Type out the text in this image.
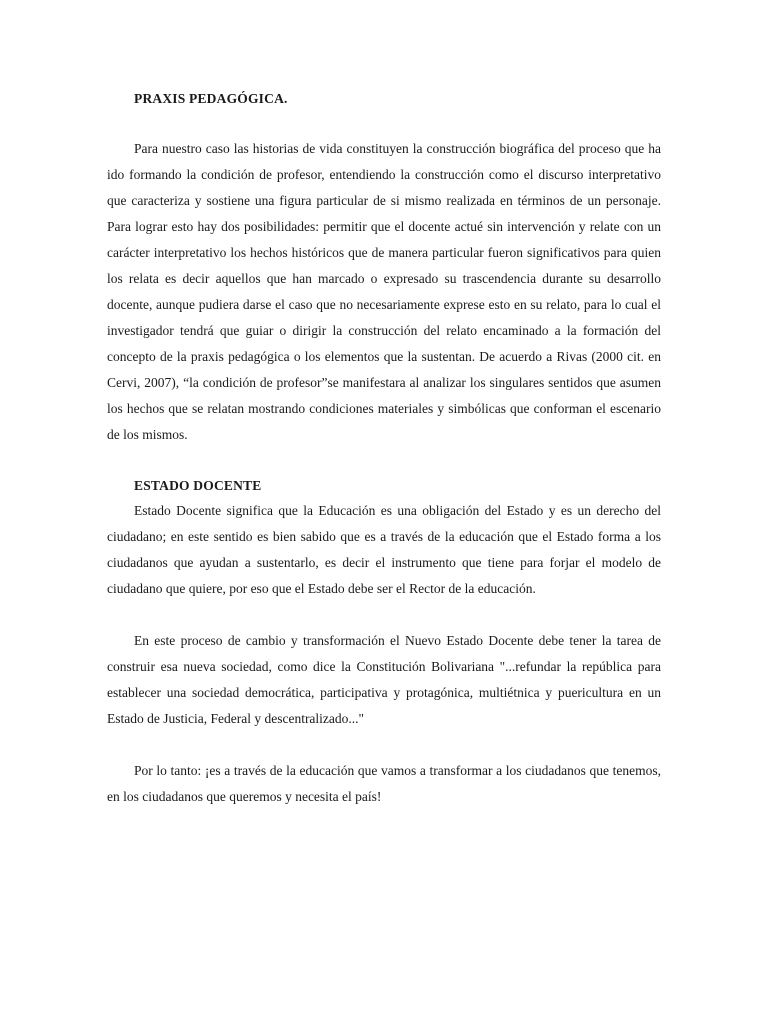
PRAXIS PEDAGÓGICA.

Para nuestro caso las historias de vida constituyen la construcción biográfica del proceso que ha ido formando la condición de profesor, entendiendo la construcción como el discurso interpretativo que caracteriza y sostiene una figura particular de si mismo realizada en términos de un personaje. Para lograr esto hay dos posibilidades: permitir que el docente actué sin intervención y relate con un carácter interpretativo los hechos históricos que de manera particular fueron significativos para quien los relata es decir aquellos que han marcado o expresado su trascendencia durante su desarrollo docente, aunque pudiera darse el caso que no necesariamente exprese esto en su relato, para lo cual el investigador tendrá que guiar o dirigir la construcción del relato encaminado a la formación del concepto de la praxis pedagógica o los elementos que la sustentan. De acuerdo a Rivas (2000 cit. en Cervi, 2007), “la condición de profesor”se manifestara al analizar los singulares sentidos que asumen los hechos que se relatan mostrando condiciones materiales y simbólicas que conforman el escenario de los mismos.

ESTADO DOCENTE

Estado Docente significa que la Educación es una obligación del Estado y es un derecho del ciudadano; en este sentido es bien sabido que es a través de la educación que el Estado forma a los ciudadanos que ayudan a sustentarlo, es decir el instrumento que tiene para forjar el modelo de ciudadano que quiere, por eso que el Estado debe ser el Rector de la educación.

En este proceso de cambio y transformación el Nuevo Estado Docente debe tener la tarea de construir esa nueva sociedad, como dice la Constitución Bolivariana "...refundar la república para establecer una sociedad democrática, participativa y protagónica, multiétnica y puericultura en un Estado de Justicia, Federal y descentralizado..."

Por lo tanto: ¡es a través de la educación que vamos a transformar a los ciudadanos que tenemos, en los ciudadanos que queremos y necesita el país!
